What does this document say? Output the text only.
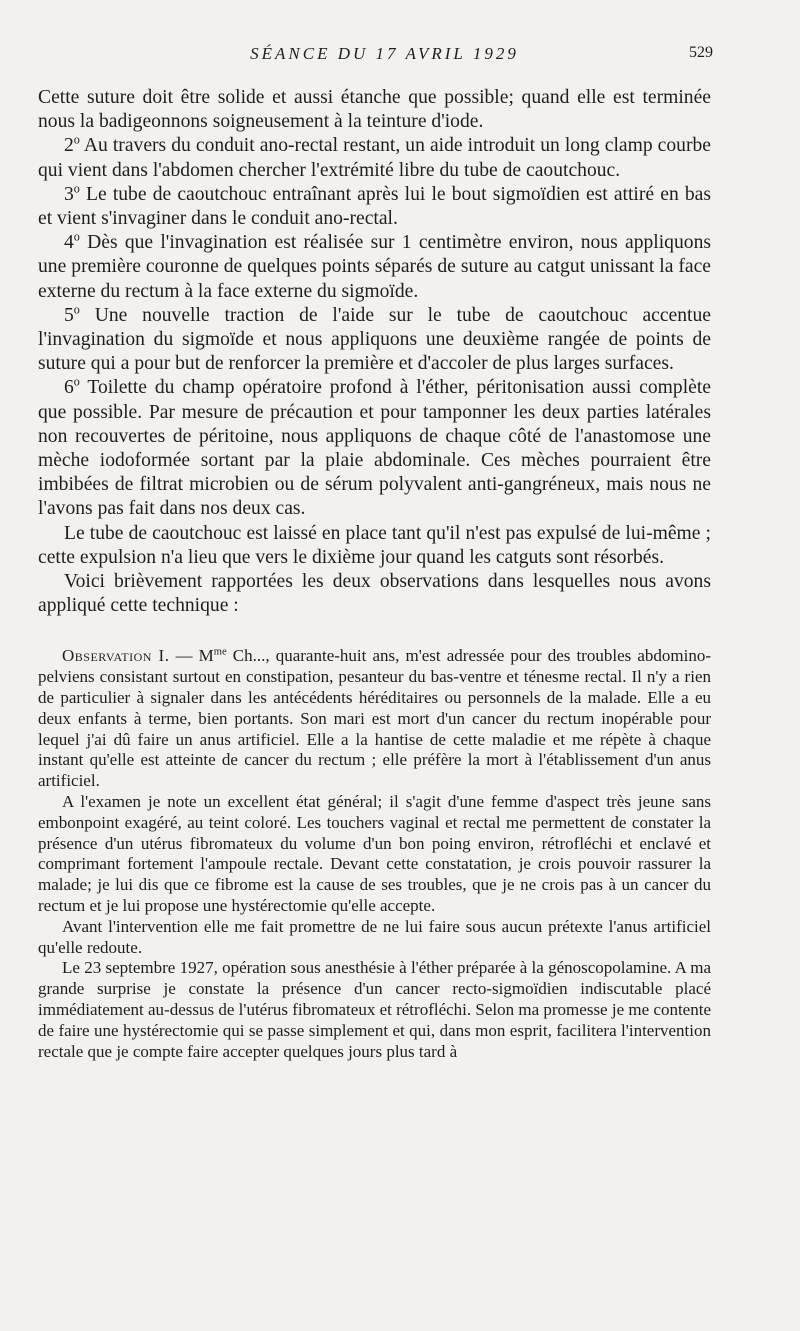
SÉANCE DU 17 AVRIL 1929	529

Cette suture doit être solide et aussi étanche que possible; quand elle est terminée nous la badigeonnons soigneusement à la teinture d'iode.

2$^o$ Au travers du conduit ano-rectal restant, un aide introduit un long clamp courbe qui vient dans l'abdomen chercher l'extrémité libre du tube de caoutchouc.

3$^o$ Le tube de caoutchouc entraînant après lui le bout sigmoïdien est attiré en bas et vient s'invaginer dans le conduit ano-rectal.

4$^o$ Dès que l'invagination est réalisée sur 1 centimètre environ, nous appliquons une première couronne de quelques points séparés de suture au catgut unissant la face externe du rectum à la face externe du sigmoïde.

5$^o$ Une nouvelle traction de l'aide sur le tube de caoutchouc accentue l'invagination du sigmoïde et nous appliquons une deuxième rangée de points de suture qui a pour but de renforcer la première et d'accoler de plus larges surfaces.

6$^o$ Toilette du champ opératoire profond à l'éther, péritonisation aussi complète que possible. Par mesure de précaution et pour tamponner les deux parties latérales non recouvertes de péritoine, nous appliquons de chaque côté de l'anastomose une mèche iodoformée sortant par la plaie abdominale. Ces mèches pourraient être imbibées de filtrat microbien ou de sérum polyvalent anti-gangréneux, mais nous ne l'avons pas fait dans nos deux cas.

Le tube de caoutchouc est laissé en place tant qu'il n'est pas expulsé de lui-même ; cette expulsion n'a lieu que vers le dixième jour quand les catguts sont résorbés.

Voici brièvement rapportées les deux observations dans lesquelles nous avons appliqué cette technique :

Observation I. — $M^{me}$ Ch..., quarante-huit ans, m'est adressée pour des troubles abdomino-pelviens consistant surtout en constipation, pesanteur du bas-ventre et ténesme rectal. Il n'y a rien de particulier à signaler dans les antécédents héréditaires ou personnels de la malade. Elle a eu deux enfants à terme, bien portants. Son mari est mort d'un cancer du rectum inopérable pour lequel j'ai dû faire un anus artificiel. Elle a la hantise de cette maladie et me répète à chaque instant qu'elle est atteinte de cancer du rectum ; elle préfère la mort à l'établissement d'un anus artificiel.

A l'examen je note un excellent état général; il s'agit d'une femme d'aspect très jeune sans embonpoint exagéré, au teint coloré. Les touchers vaginal et rectal me permettent de constater la présence d'un utérus fibromateux du volume d'un bon poing environ, rétrofléchi et enclavé et comprimant fortement l'ampoule rectale. Devant cette constatation, je crois pouvoir rassurer la malade; je lui dis que ce fibrome est la cause de ses troubles, que je ne crois pas à un cancer du rectum et je lui propose une hystérectomie qu'elle accepte.

Avant l'intervention elle me fait promettre de ne lui faire sous aucun prétexte l'anus artificiel qu'elle redoute.

Le 23 septembre 1927, opération sous anesthésie à l'éther préparée à la génoscopolamine. A ma grande surprise je constate la présence d'un cancer recto-sigmoïdien indiscutable placé immédiatement au-dessus de l'utérus fibromateux et rétrofléchi. Selon ma promesse je me contente de faire une hystérectomie qui se passe simplement et qui, dans mon esprit, facilitera l'intervention rectale que je compte faire accepter quelques jours plus tard à
